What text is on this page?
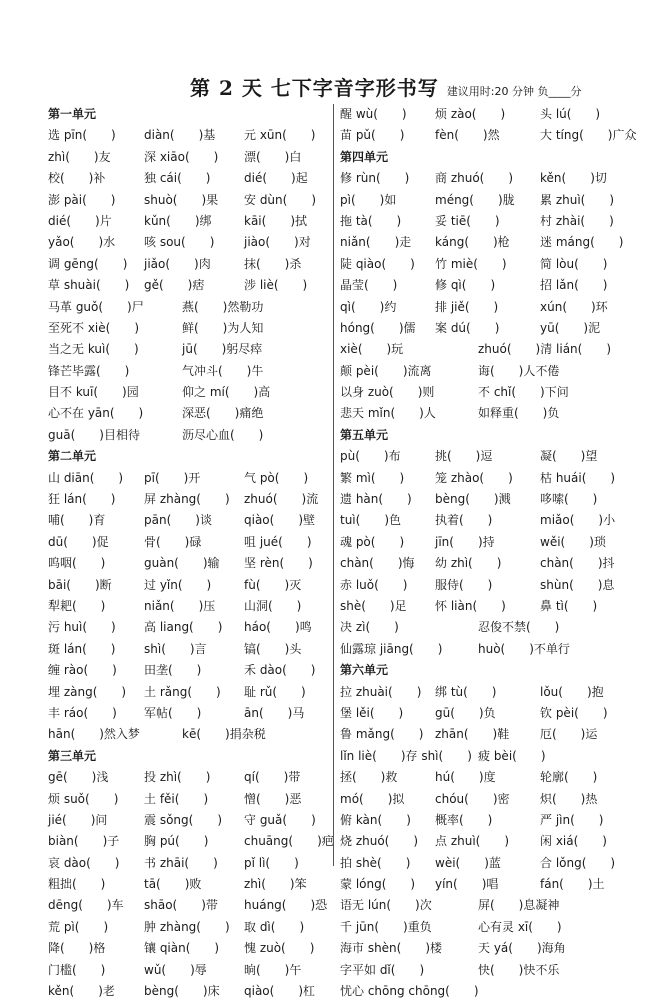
第 2 天 七下字音字形书写 建议用时:20 分钟 负____分
第一单元
选 pīn(　　) diàn(　　)基 元 xūn(　　)
zhì(　　)友	深 xiāo(　　) 漂(　　)白
校(　　)补	独 cái(　　)	dié(　　)起
澎 pài(　　) shuò(　　)果 安 dùn(　　)
dié(　　)片	kǔn(　　)绑	kāi(　　)拭
yǎo(　　)水 咳 sou(　　) jiào(　　)对
调 gēng(　　) jiǎo(　　)肉	抹(　　)杀
草 shuài(　　) gě(　　)痞	涉 liè(　　)
马革 guǒ(　　)尸	燕(　　)然勒功
至死不 xiè(　　)	鲜(　　)为人知
当之无 kuì(　　)	jū(　　)躬尽瘁
锋芒毕露(　　)	气冲斗(　　)牛
目不 kuī(　　)园	仰之 mí(　　)高
心不在 yān(　　)	深恶(　　)痛绝
guā(　　)目相待	沥尽心血(　　)
第二单元
山 diān(　　) pī(　　)开	气 pò(　　)
狂 lán(　　) 屏 zhàng(　　) zhuó(　　)流
哺(　　)育	pān(　　)谈	qiào(　　)壁
dū(　　)促	骨(　　)碌	咀 jué(　　)
呜咽(　　)	guàn(　　)输 坚 rèn(　　)
bāi(　　)断	过 yǐn(　　)	fù(　　)灭
犁耙(　　)	niǎn(　　)压 山洞(　　)
污 huì(　　) 高 liang(　　) háo(　　)鸣
斑 lán(　　) shì(　　)言	镐(　　)头
缠 rào(　　) 田垄(　　)	禾 dào(　　)
埋 zàng(　　) 土 rǎng(　　) 耻 rǔ(　　)
丰 ráo(　　) 军帖(　　)	ān(　　)马
hān(　　)然入梦	kē(　　)捐杂税
第三单元
gē(　　)浅	投 zhì(　　)	qí(　　)带
烦 suǒ(　　) 土 fěi(　　)	憎(　　)恶
jié(　　)问	震 sǒng(　　) 守 guǎ(　　)
biàn(　　)子 胸 pú(　　)	chuāng(　　)疤
哀 dào(　　) 书 zhāi(　　) pǐ lì(　　)
粗拙(　　)	tā(　　)败	zhì(　　)笨
dēng(　　)车 shāo(　　)带 huáng(　　)恐
荒 pì(　　)	肿 zhàng(　　) 取 dì(　　)
降(　　)格	镶 qiàn(　　) 愧 zuò(　　)
门槛(　　)	wǔ(　　)辱	晌(　　)午
kěn(　　)老 bèng(　　)床 qiào(　　)杠
醒 wù(　　) 烦 zào(　　)	头 lú(　　)
苗 pǔ(　　)	fèn(　　)然	大 tíng(　　)广众
第四单元
修 rùn(　　) 商 zhuó(　　) kěn(　　)切
pì(　　)如	méng(　　)胧 累 zhuì(　　)
拖 tà(　　)	妥 tiē(　　)	村 zhài(　　)
niǎn(　　)走 káng(　　)枪	迷 máng(　　)
陡 qiào(　　) 竹 miè(　　)	简 lòu(　　)
晶莹(　　)	修 qì(　　)	招 lǎn(　　)
qì(　　)约	排 jiě(　　)	xún(　　)环
hóng(　　)儒 案 dú(　　)	yū(　　)泥
xiè(　　)玩	zhuó(　　)清 lián(　　)
颠 pèi(　　)流离	诲(　　)人不倦
以身 zuò(　　)则	不 chǐ(　　)下问
悲天 mǐn(　　)人	如释重(　　)负
第五单元
pù(　　)布	挑(　　)逗	凝(　　)望
繁 mì(　　)	笼 zhào(　　) 枯 huái(　　)
遗 hàn(　　) bèng(　　)溅 哆嗦(　　)
tuì(　　)色	执着(　　)	miǎo(　　)小
魂 pò(　　)	jīn(　　)持	wěi(　　)琐
chàn(　　)悔 幼 zhì(　　)	chàn(　　)抖
赤 luǒ(　　) 服侍(　　)	shùn(　　)息
shè(　　)足 怀 liàn(　　)	鼻 tì(　　)
决 zì(　　)	忍俊不禁(　　)
仙露琼 jiāng(　　)	huò(　　)不单行
第六单元
拉 zhuài(　　) 绑 tù(　　)	lǒu(　　)抱
堡 lěi(　　)	gū(　　)负	钦 pèi(　　)
鲁 mǎng(　　) zhān(　　)鞋	厄(　　)运
lǐn liè(　　)存 shì(　　) 疲 bèi(　　)
拯(　　)救	hú(　　)度	轮廓(　　)
mó(　　)拟	chóu(　　)密	炽(　　)热
俯 kàn(　　) 概率(　　)	严 jìn(　　)
烧 zhuó(　　) 点 zhuì(　　)	闲 xiá(　　)
拍 shè(　　) wèi(　　)蓝	合 lǒng(　　)
蒙 lóng(　　) yín(　　)唱	fán(　　)土
语无 lún(　　)次	屏(　　)息凝神
千 jūn(　　)重负	心有灵 xī(　　)
海市 shèn(　　)楼	天 yá(　　)海角
字平如 dǐ(　　)	快(　　)快不乐
忧心 chōng chōng(　　)
